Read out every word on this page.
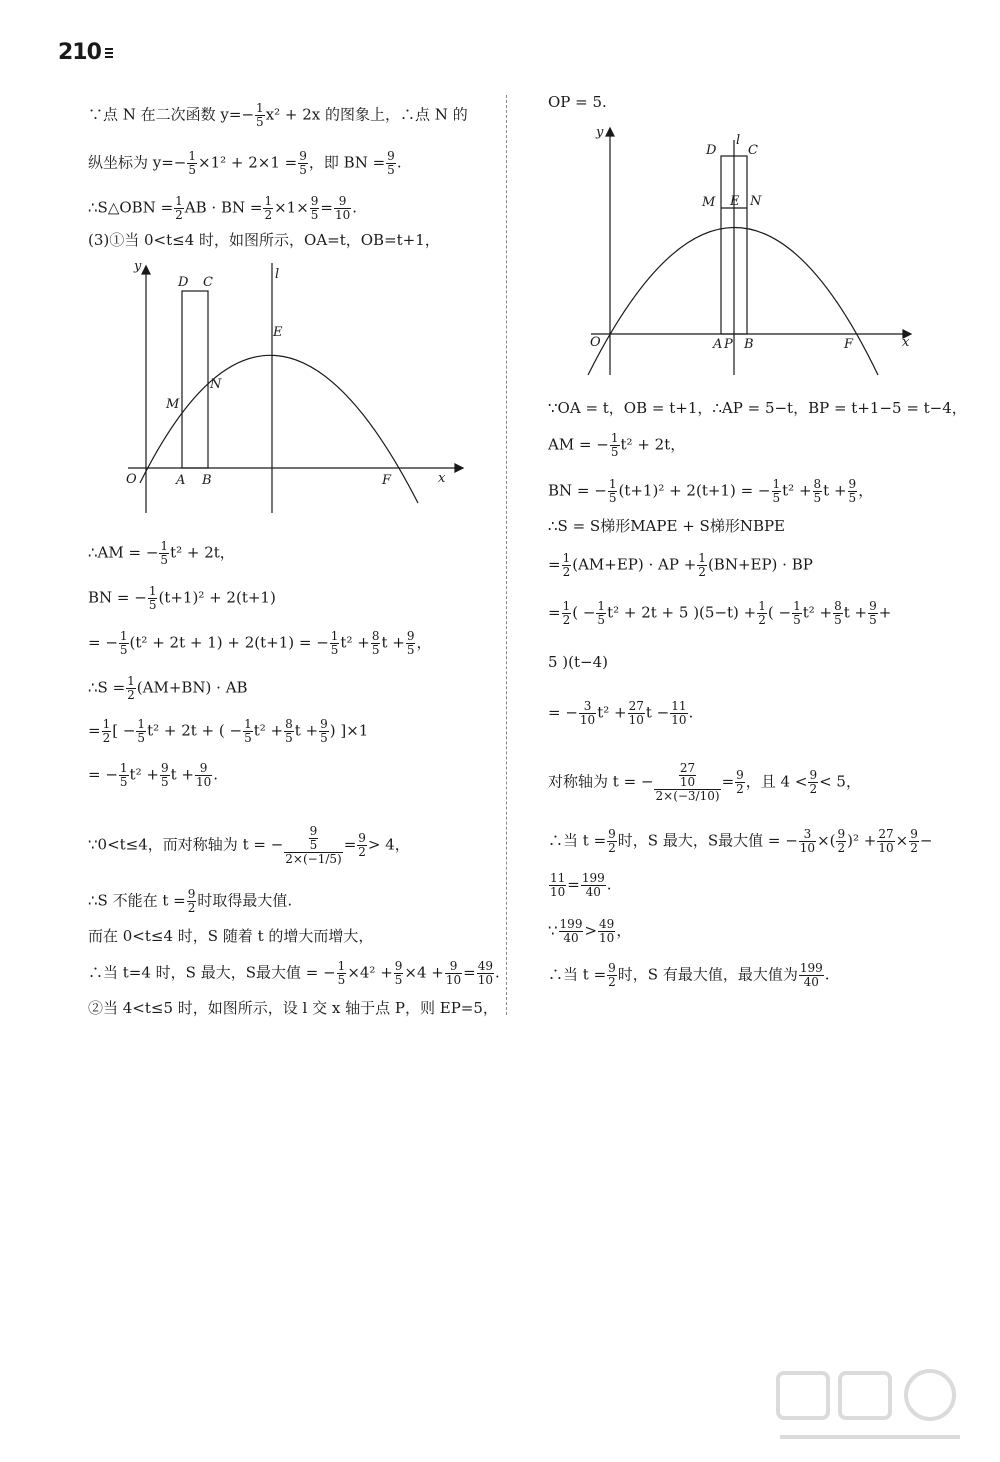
210
∵点 N 在二次函数 $y=- \frac{1}{5} x^2 + 2x$ 的图象上，∴点 N 的
纵坐标为 $y=- \frac{1}{5} \times 1^2 + 2\times 1 = \frac{9}{5}$ ，即 BN = $\frac{9}{5}$ .
∴S△OBN = $\frac{1}{2}$ AB · BN = $\frac{1}{2} \times 1\times \frac{9}{5} = \frac{9}{10}$ .
(3)①当 0<t≤4 时，如图所示，OA=t，OB=t+1，
y
l
D C
E
N
M
O	A B	F	x
∴AM = − $\frac{1}{5} t^2 + 2t$，
BN = − $\frac{1}{5} (t+1)^2 + 2(t+1)$
= − $\frac{1}{5} (t^2 + 2t + 1) + 2(t+1)$ = − $\frac{1}{5} t^2 + \frac{8}{5}$ $t + \frac{9}{5}$ ，
∴S = $\frac{1}{2} (AM+BN)$ · AB
= $\frac{1}{2}$ [ − $\frac{1}{5} t^2 + 2t$ + ( − $\frac{1}{5} t^2 + \frac{8}{5}$ $t + \frac{9}{5}$ ) ]×1
= − $\frac{1}{5} t^2 + \frac{9}{5}$ $t + \frac{9}{10}$ .
∵0<t≤4，而对称轴为 t = − $\frac{\frac{9}{5}}{2\times(-1/5)} = \frac{9}{2} > 4$，
∴S 不能在 $t = \frac{9}{2}$ 时取得最大值.
而在 0<t≤4 时，S 随着 t 的增大而增大，
∴当 t=4 时，S 最大，S最大值 = − $\frac{1}{5} \times 4^2 + \frac{9}{5} \times 4 + \frac{9}{10} = \frac{49}{10}$ .
②当 4<t≤5 时，如图所示，设 l 交 x 轴于点 P，则 EP=5，
OP = 5.
y
D
l
C
M E N
O	A P B	F	x
∵OA = t，OB = t+1，∴AP = 5−t，BP = t+1−5 = t−4，
AM = − $\frac{1}{5} t^2 + 2t$，
BN = − $\frac{1}{5} (t+1)^2 + 2(t+1)$ = − $\frac{1}{5} t^2 + \frac{8}{5}$ $t + \frac{9}{5}$ ，
∴S = S梯形MAPE + S梯形NBPE
= $\frac{1}{2} (AM+EP)$ · AP + $\frac{1}{2} (BN+EP)$ · BP
= $\frac{1}{2}$ ( − $\frac{1}{5} t^2 + 2t + 5$ )$(5-t) + \frac{1}{2}$ ( − $\frac{1}{5} t^2 + \frac{8}{5}$ $t + \frac{9}{5}$ +
5 )(t−4)
= − $\frac{3}{10} t^2 + \frac{27}{10}$ $t - \frac{11}{10}$ .
对称轴为 t = − $\frac{\frac{27}{10}}{2\times(-3/10)} = \frac{9}{2}$ ，且 $4 < \frac{9}{2} < 5$，
∴当 $t = \frac{9}{2}$ 时，S 最大，S最大值 = − $\frac{3}{10}$ ×( $\frac{9}{2} )^2 + \frac{27}{10} \times \frac{9}{2}$ −
$\frac{11}{10} = \frac{199}{40}$ .
∵ $\frac{199}{40} > \frac{49}{10}$ ，
∴当 $t = \frac{9}{2}$ 时，S 有最大值，最大值为 $\frac{199}{40}$ .
